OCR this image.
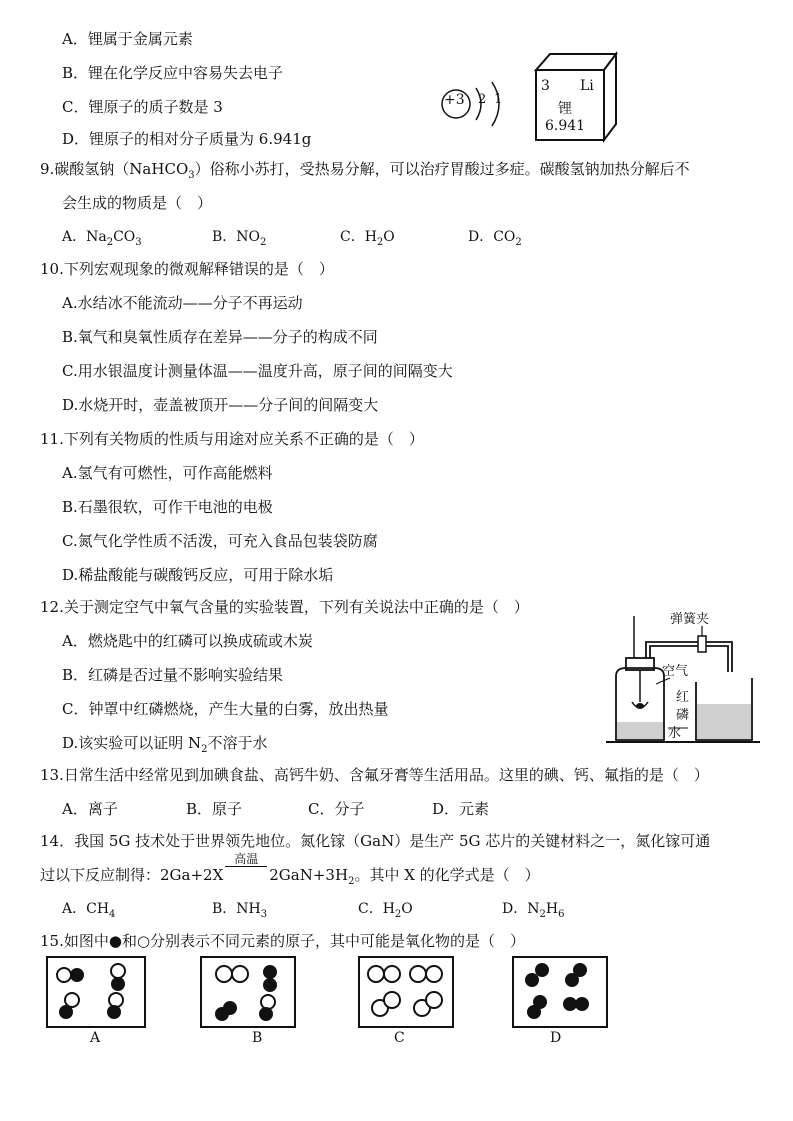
A．锂属于金属元素
B．锂在化学反应中容易失去电子
C．锂原子的质子数是 3
D．锂原子的相对分子质量为 6.941g
+3 2 1
3 Li
锂
6.941
9.碳酸氢钠（NaHCO$_3$）俗称小苏打，受热易分解，可以治疗胃酸过多症。碳酸氢钠加热分解后不
会生成的物质是（　）
A．$Na_2CO_3$	B．$NO_2$	C．$H_2O$	D．$CO_2$
10.下列宏观现象的微观解释错误的是（　）
A.水结冰不能流动——分子不再运动
B.氧气和臭氧性质存在差异——分子的构成不同
C.用水银温度计测量体温——温度升高，原子间的间隔变大
D.水烧开时，壶盖被顶开——分子间的间隔变大
11.下列有关物质的性质与用途对应关系不正确的是（　）
A.氢气有可燃性，可作高能燃料
B.石墨很软，可作干电池的电极
C.氮气化学性质不活泼，可充入食品包装袋防腐
D.稀盐酸能与碳酸钙反应，可用于除水垢
12.关于测定空气中氧气含量的实验装置，下列有关说法中正确的是（　）
A．燃烧匙中的红磷可以换成硫或木炭
B．红磷是否过量不影响实验结果
C．钟罩中红磷燃烧，产生大量的白雾，放出热量
D.该实验可以证明 $N_2$不溶于水
弹簧夹
空气
红
磷
水
13.日常生活中经常见到加碘食盐、高钙牛奶、含氟牙膏等生活用品。这里的碘、钙、氟指的是（　）
A．离子	B．原子	C．分子	D．元素
14．我国 5G 技术处于世界领先地位。氮化镓（GaN）是生产 5G 芯片的关键材料之一，氮化镓可通
过以下反应制得：2Ga+2X
高温
$2GaN+3H_2$。其中 X 的化学式是（　）
A．$CH_4$	B．$NH_3$	C．$H_2O$	D．$N_2H_6$
15.如图中●和○分别表示不同元素的原子，其中可能是氧化物的是（　）
A	B	C	D
